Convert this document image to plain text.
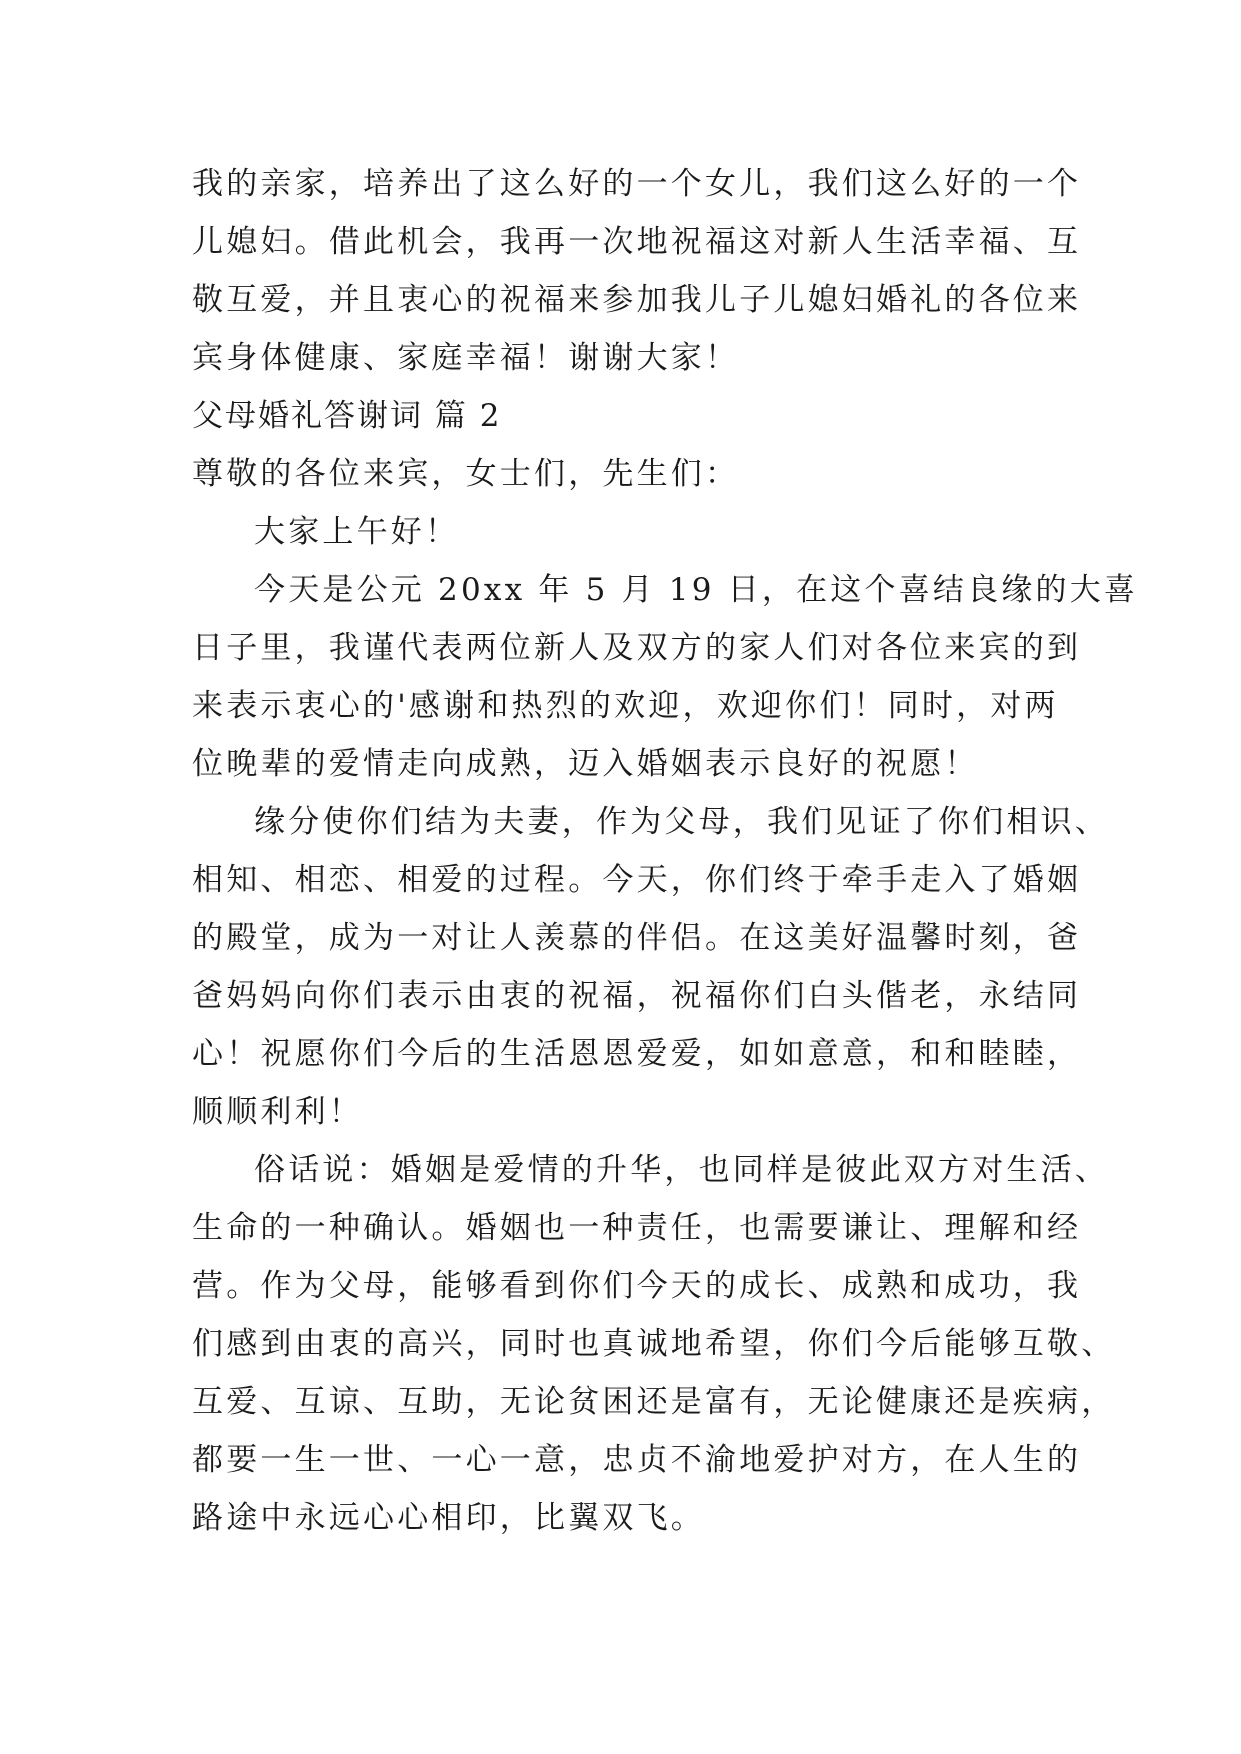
我的亲家，培养出了这么好的一个女儿，我们这么好的一个
儿媳妇。借此机会，我再一次地祝福这对新人生活幸福、互
敬互爱，并且衷心的祝福来参加我儿子儿媳妇婚礼的各位来
宾身体健康、家庭幸福！谢谢大家！
父母婚礼答谢词 篇 2
尊敬的各位来宾，女士们，先生们：
大家上午好！
今天是公元 20xx 年 5 月 19 日，在这个喜结良缘的大喜
日子里，我谨代表两位新人及双方的家人们对各位来宾的到
来表示衷心的'感谢和热烈的欢迎，欢迎你们！同时，对两
位晚辈的爱情走向成熟，迈入婚姻表示良好的祝愿！
缘分使你们结为夫妻，作为父母，我们见证了你们相识、
相知、相恋、相爱的过程。今天，你们终于牵手走入了婚姻
的殿堂，成为一对让人羡慕的伴侣。在这美好温馨时刻，爸
爸妈妈向你们表示由衷的祝福，祝福你们白头偕老，永结同
心！祝愿你们今后的生活恩恩爱爱，如如意意，和和睦睦，
顺顺利利！
俗话说：婚姻是爱情的升华，也同样是彼此双方对生活、
生命的一种确认。婚姻也一种责任，也需要谦让、理解和经
营。作为父母，能够看到你们今天的成长、成熟和成功，我
们感到由衷的高兴，同时也真诚地希望，你们今后能够互敬、
互爱、互谅、互助，无论贫困还是富有，无论健康还是疾病，
都要一生一世、一心一意，忠贞不渝地爱护对方，在人生的
路途中永远心心相印，比翼双飞。
